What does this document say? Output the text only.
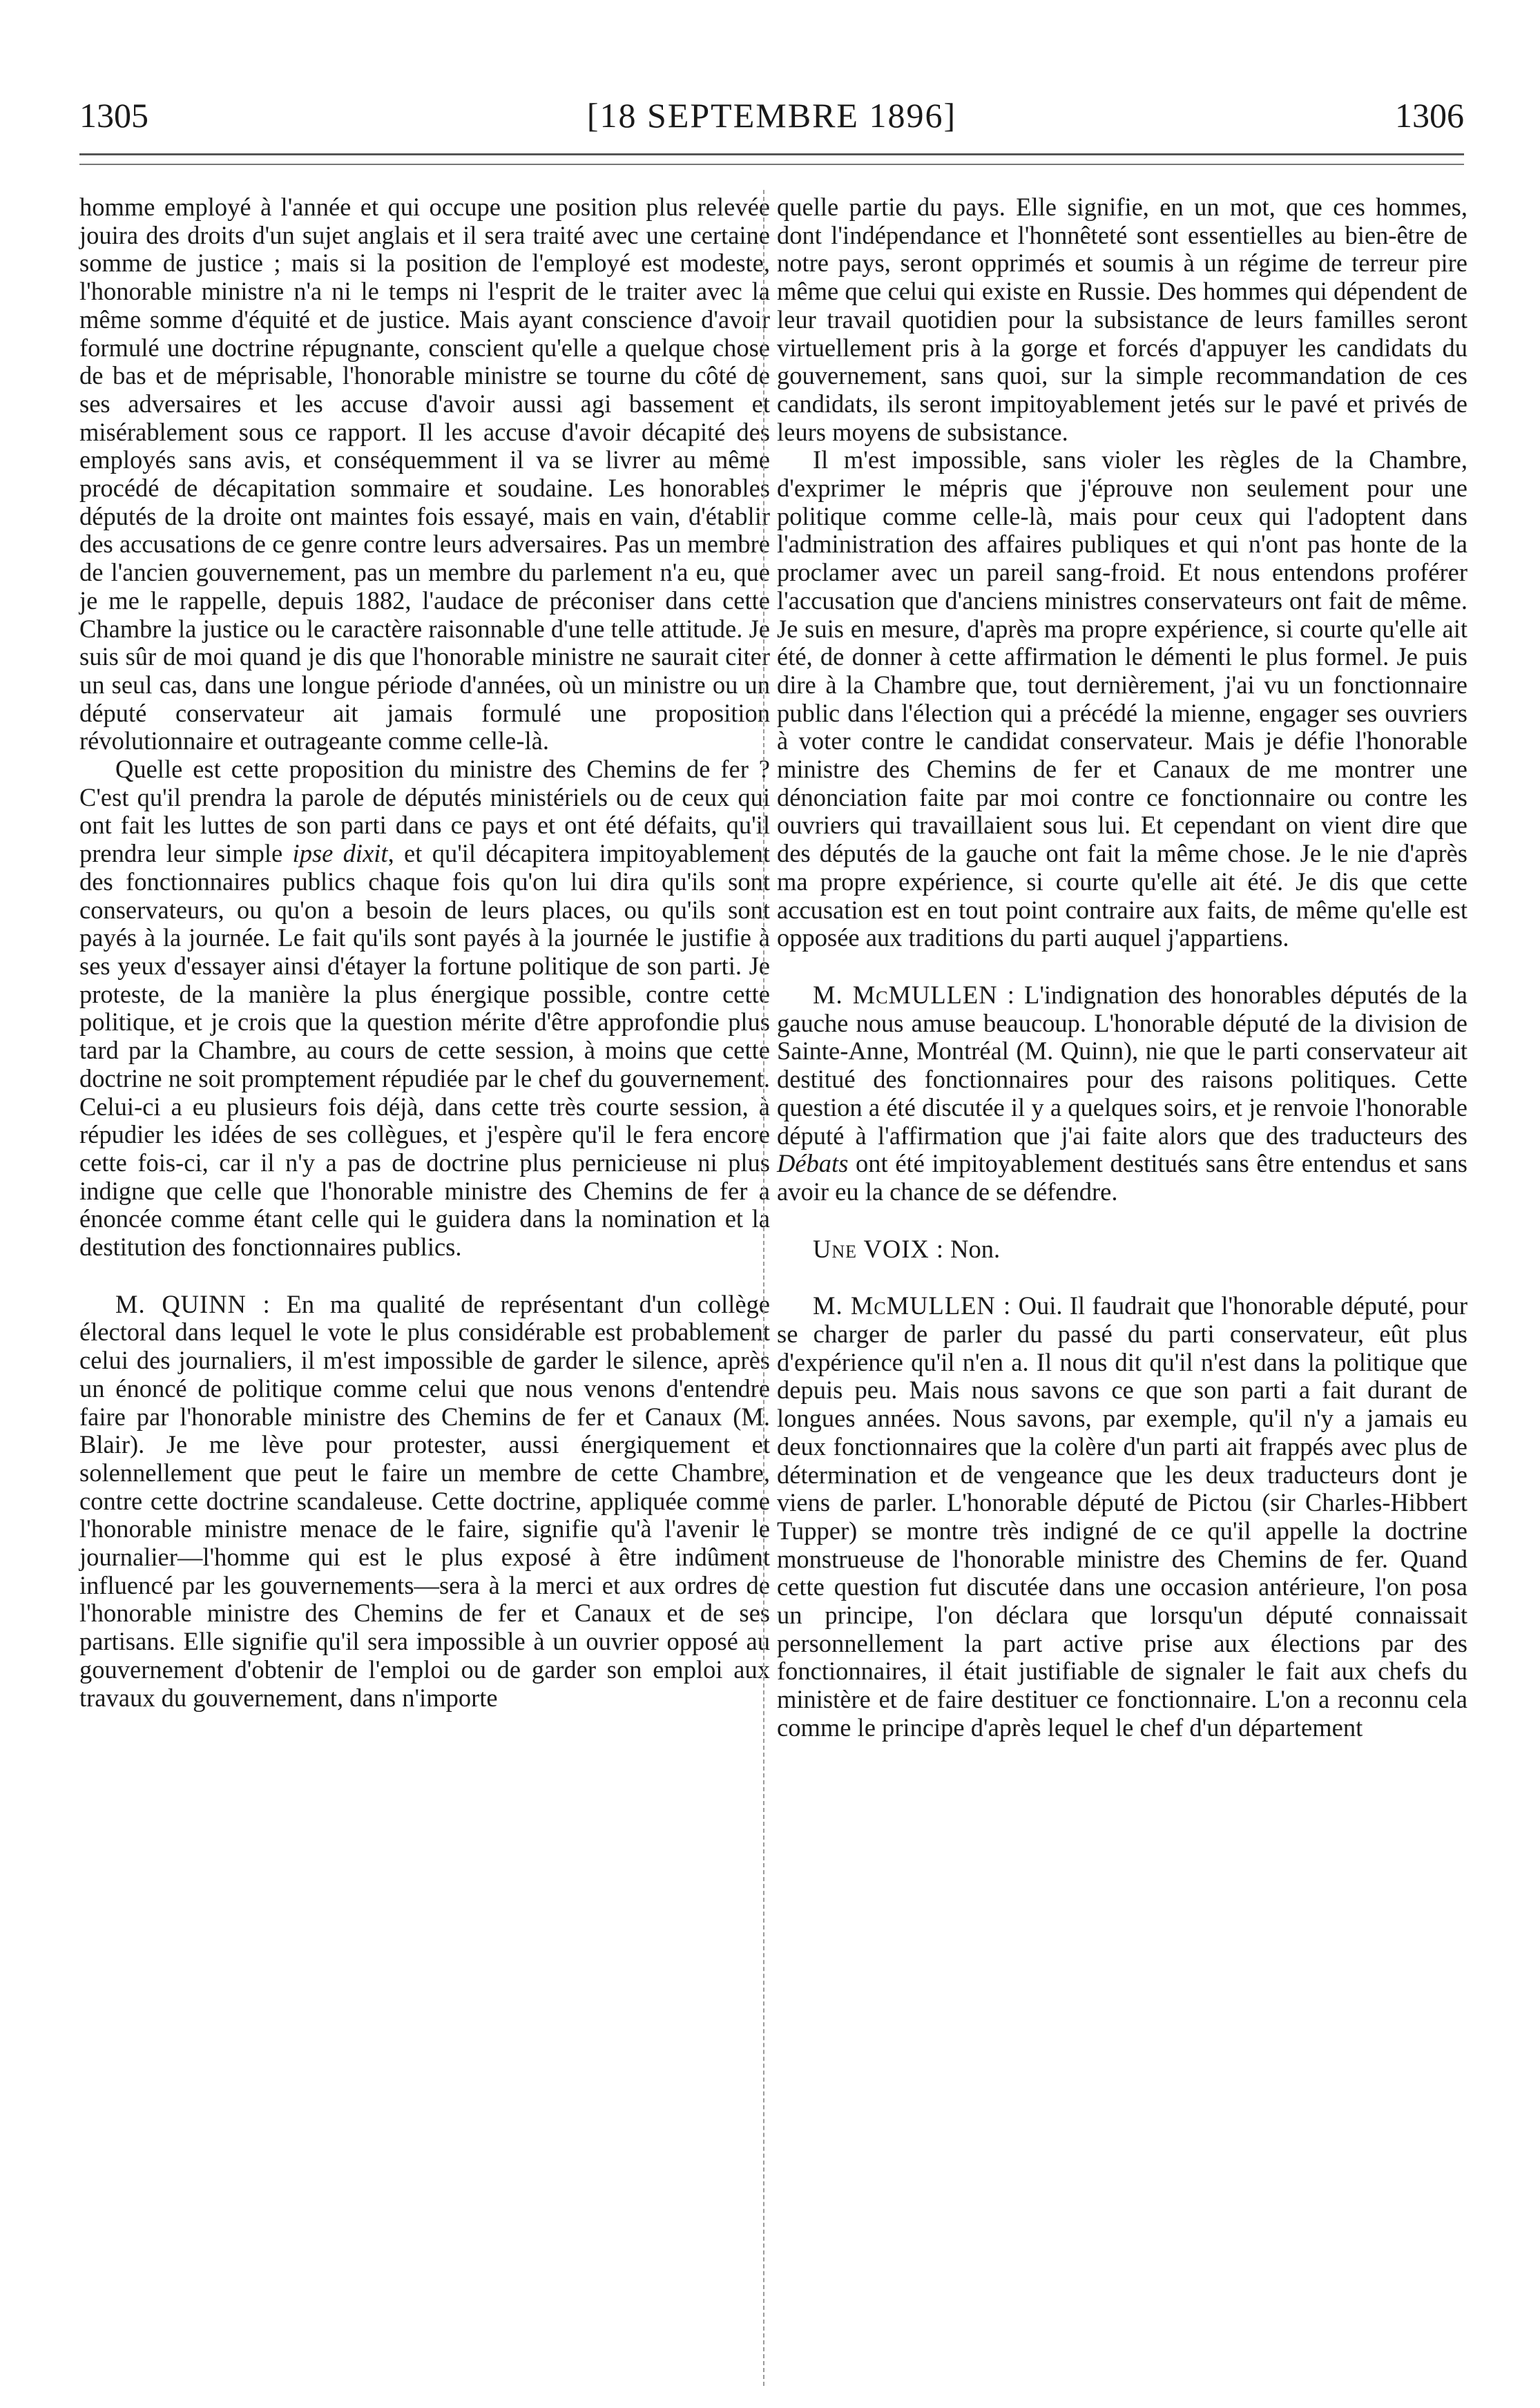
1305	[18 SEPTEMBRE 1896]	1306

homme employé à l'année et qui occupe une position plus relevée jouira des droits d'un sujet anglais et il sera traité avec une certaine somme de justice ; mais si la position de l'employé est modeste, l'honorable ministre n'a ni le temps ni l'esprit de le traiter avec la même somme d'équité et de justice. Mais ayant conscience d'avoir formulé une doctrine répugnante, conscient qu'elle a quelque chose de bas et de méprisable, l'honorable ministre se tourne du côté de ses adversaires et les accuse d'avoir aussi agi bassement et misérablement sous ce rapport. Il les accuse d'avoir décapité des employés sans avis, et conséquemment il va se livrer au même procédé de décapitation sommaire et soudaine. Les honorables députés de la droite ont maintes fois essayé, mais en vain, d'établir des accusations de ce genre contre leurs adversaires. Pas un membre de l'ancien gouvernement, pas un membre du parlement n'a eu, que je me le rappelle, depuis 1882, l'audace de préconiser dans cette Chambre la justice ou le caractère raisonnable d'une telle attitude. Je suis sûr de moi quand je dis que l'honorable ministre ne saurait citer un seul cas, dans une longue période d'années, où un ministre ou un député conservateur ait jamais formulé une proposition révolutionnaire et outrageante comme celle-là.

Quelle est cette proposition du ministre des Chemins de fer ? C'est qu'il prendra la parole de députés ministériels ou de ceux qui ont fait les luttes de son parti dans ce pays et ont été défaits, qu'il prendra leur simple ipse dixit, et qu'il décapitera impitoyablement des fonctionnaires publics chaque fois qu'on lui dira qu'ils sont conservateurs, ou qu'on a besoin de leurs places, ou qu'ils sont payés à la journée. Le fait qu'ils sont payés à la journée le justifie à ses yeux d'essayer ainsi d'étayer la fortune politique de son parti. Je proteste, de la manière la plus énergique possible, contre cette politique, et je crois que la question mérite d'être approfondie plus tard par la Chambre, au cours de cette session, à moins que cette doctrine ne soit promptement répudiée par le chef du gouvernement. Celui-ci a eu plusieurs fois déjà, dans cette très courte session, à répudier les idées de ses collègues, et j'espère qu'il le fera encore cette fois-ci, car il n'y a pas de doctrine plus pernicieuse ni plus indigne que celle que l'honorable ministre des Chemins de fer a énoncée comme étant celle qui le guidera dans la nomination et la destitution des fonctionnaires publics.

M. QUINN : En ma qualité de représentant d'un collège électoral dans lequel le vote le plus considérable est probablement celui des journaliers, il m'est impossible de garder le silence, après un énoncé de politique comme celui que nous venons d'entendre faire par l'honorable ministre des Chemins de fer et Canaux (M. Blair). Je me lève pour protester, aussi énergiquement et solennellement que peut le faire un membre de cette Chambre, contre cette doctrine scandaleuse. Cette doctrine, appliquée comme l'honorable ministre menace de le faire, signifie qu'à l'avenir le journalier—l'homme qui est le plus exposé à être indûment influencé par les gouvernements—sera à la merci et aux ordres de l'honorable ministre des Chemins de fer et Canaux et de ses partisans. Elle signifie qu'il sera impossible à un ouvrier opposé au gouvernement d'obtenir de l'emploi ou de garder son emploi aux travaux du gouvernement, dans n'importe

quelle partie du pays. Elle signifie, en un mot, que ces hommes, dont l'indépendance et l'honnêteté sont essentielles au bien-être de notre pays, seront opprimés et soumis à un régime de terreur pire même que celui qui existe en Russie. Des hommes qui dépendent de leur travail quotidien pour la subsistance de leurs familles seront virtuellement pris à la gorge et forcés d'appuyer les candidats du gouvernement, sans quoi, sur la simple recommandation de ces candidats, ils seront impitoyablement jetés sur le pavé et privés de leurs moyens de subsistance.

Il m'est impossible, sans violer les règles de la Chambre, d'exprimer le mépris que j'éprouve non seulement pour une politique comme celle-là, mais pour ceux qui l'adoptent dans l'administration des affaires publiques et qui n'ont pas honte de la proclamer avec un pareil sang-froid. Et nous entendons proférer l'accusation que d'anciens ministres conservateurs ont fait de même. Je suis en mesure, d'après ma propre expérience, si courte qu'elle ait été, de donner à cette affirmation le démenti le plus formel. Je puis dire à la Chambre que, tout dernièrement, j'ai vu un fonctionnaire public dans l'élection qui a précédé la mienne, engager ses ouvriers à voter contre le candidat conservateur. Mais je défie l'honorable ministre des Chemins de fer et Canaux de me montrer une dénonciation faite par moi contre ce fonctionnaire ou contre les ouvriers qui travaillaient sous lui. Et cependant on vient dire que des députés de la gauche ont fait la même chose. Je le nie d'après ma propre expérience, si courte qu'elle ait été. Je dis que cette accusation est en tout point contraire aux faits, de même qu'elle est opposée aux traditions du parti auquel j'appartiens.

M. McMULLEN : L'indignation des honorables députés de la gauche nous amuse beaucoup. L'honorable député de la division de Sainte-Anne, Montréal (M. Quinn), nie que le parti conservateur ait destitué des fonctionnaires pour des raisons politiques. Cette question a été discutée il y a quelques soirs, et je renvoie l'honorable député à l'affirmation que j'ai faite alors que des traducteurs des Débats ont été impitoyablement destitués sans être entendus et sans avoir eu la chance de se défendre.

Une VOIX : Non.

M. McMULLEN : Oui. Il faudrait que l'honorable député, pour se charger de parler du passé du parti conservateur, eût plus d'expérience qu'il n'en a. Il nous dit qu'il n'est dans la politique que depuis peu. Mais nous savons ce que son parti a fait durant de longues années. Nous savons, par exemple, qu'il n'y a jamais eu deux fonctionnaires que la colère d'un parti ait frappés avec plus de détermination et de vengeance que les deux traducteurs dont je viens de parler. L'honorable député de Pictou (sir Charles-Hibbert Tupper) se montre très indigné de ce qu'il appelle la doctrine monstrueuse de l'honorable ministre des Chemins de fer. Quand cette question fut discutée dans une occasion antérieure, l'on posa un principe, l'on déclara que lorsqu'un député connaissait personnellement la part active prise aux élections par des fonctionnaires, il était justifiable de signaler le fait aux chefs du ministère et de faire destituer ce fonctionnaire. L'on a reconnu cela comme le principe d'après lequel le chef d'un département
